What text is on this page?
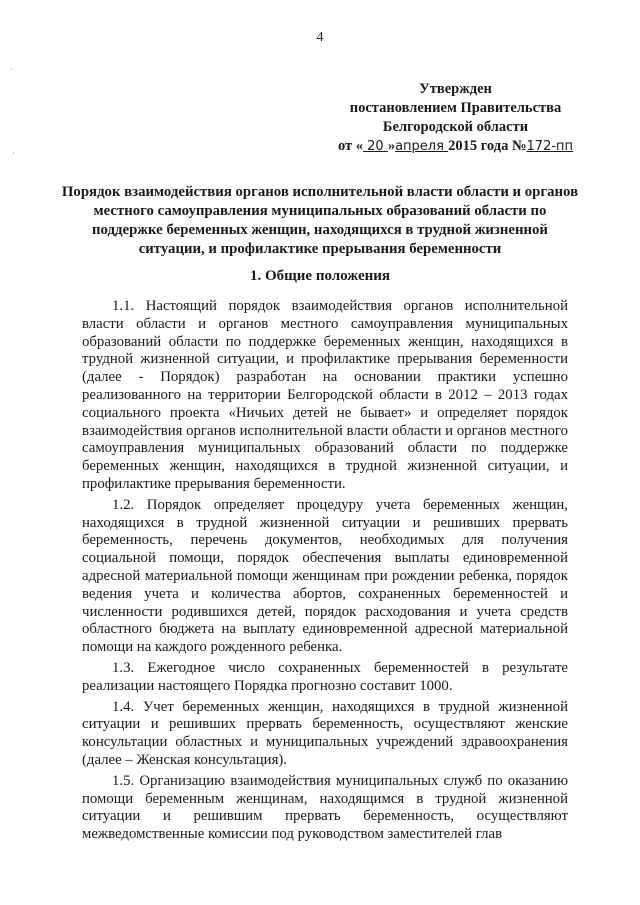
4
Утвержден
постановлением Правительства
Белгородской области
от « 20 »апреля 2015 года №172-пп
Порядок взаимодействия органов исполнительной власти области и органов местного самоуправления муниципальных образований области по поддержке беременных женщин, находящихся в трудной жизненной ситуации, и профилактике прерывания беременности
1. Общие положения

1.1. Настоящий порядок взаимодействия органов исполнительной власти области и органов местного самоуправления муниципальных образований области по поддержке беременных женщин, находящихся в трудной жизненной ситуации, и профилактике прерывания беременности (далее - Порядок) разработан на основании практики успешно реализованного на территории Белгородской области в 2012 – 2013 годах социального проекта «Ничьих детей не бывает» и определяет порядок взаимодействия органов исполнительной власти области и органов местного самоуправления муниципальных образований области по поддержке беременных женщин, находящихся в трудной жизненной ситуации, и профилактике прерывания беременности.

1.2. Порядок определяет процедуру учета беременных женщин, находящихся в трудной жизненной ситуации и решивших прервать беременность, перечень документов, необходимых для получения социальной помощи, порядок обеспечения выплаты единовременной адресной материальной помощи женщинам при рождении ребенка, порядок ведения учета и количества абортов, сохраненных беременностей и численности родившихся детей, порядок расходования и учета средств областного бюджета на выплату единовременной адресной материальной помощи на каждого рожденного ребенка.

1.3. Ежегодное число сохраненных беременностей в результате реализации настоящего Порядка прогнозно составит 1000.

1.4. Учет беременных женщин, находящихся в трудной жизненной ситуации и решивших прервать беременность, осуществляют женские консультации областных и муниципальных учреждений здравоохранения (далее – Женская консультация).

1.5. Организацию взаимодействия муниципальных служб по оказанию помощи беременным женщинам, находящимся в трудной жизненной ситуации и решившим прервать беременность, осуществляют межведомственные комиссии под руководством заместителей глав

·
·
